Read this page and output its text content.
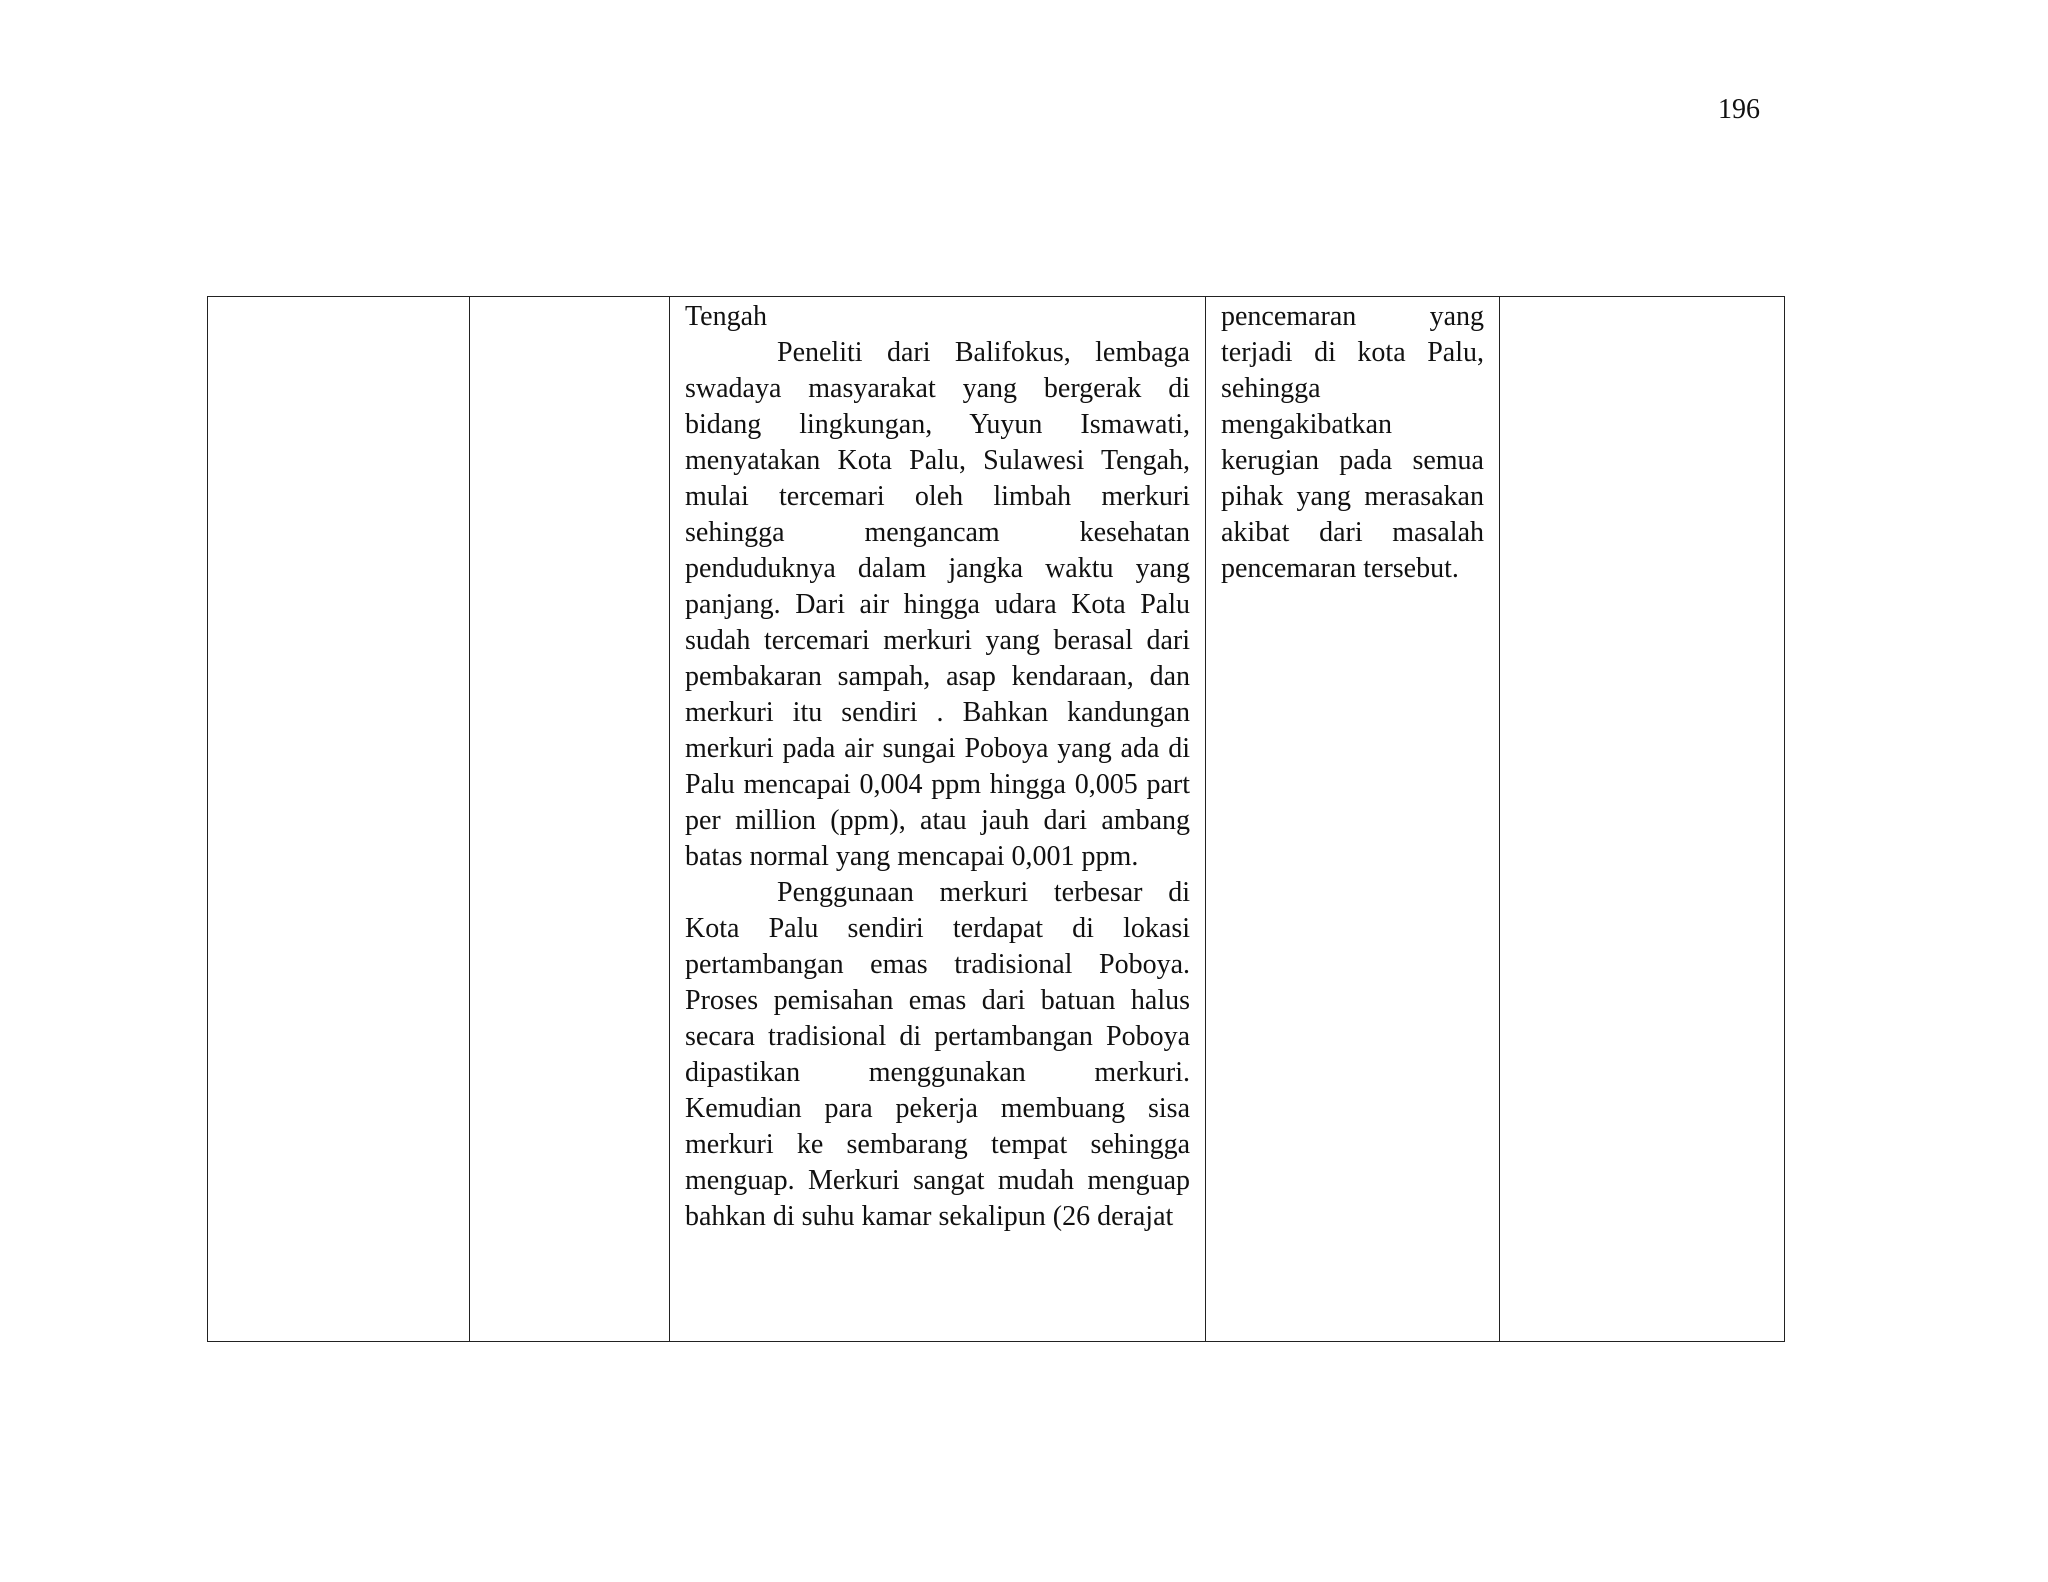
196

Tengah

Peneliti dari Balifokus, lembaga swadaya masyarakat yang bergerak di bidang lingkungan, Yuyun Ismawati, menyatakan Kota Palu, Sulawesi Tengah, mulai tercemari oleh limbah merkuri sehingga mengancam kesehatan penduduknya dalam jangka waktu yang panjang. Dari air hingga udara Kota Palu sudah tercemari merkuri yang berasal dari pembakaran sampah, asap kendaraan, dan merkuri itu sendiri . Bahkan kandungan merkuri pada air sungai Poboya yang ada di Palu mencapai 0,004 ppm hingga 0,005 part per million (ppm), atau jauh dari ambang batas normal yang mencapai 0,001 ppm.

Penggunaan merkuri terbesar di Kota Palu sendiri terdapat di lokasi pertambangan emas tradisional Poboya. Proses pemisahan emas dari batuan halus secara tradisional di pertambangan Poboya dipastikan menggunakan merkuri. Kemudian para pekerja membuang sisa merkuri ke sembarang tempat sehingga menguap. Merkuri sangat mudah menguap bahkan di suhu kamar sekalipun (26 derajat

pencemaran yang terjadi di kota Palu, sehingga mengakibatkan kerugian pada semua pihak yang merasakan akibat dari masalah pencemaran tersebut.
